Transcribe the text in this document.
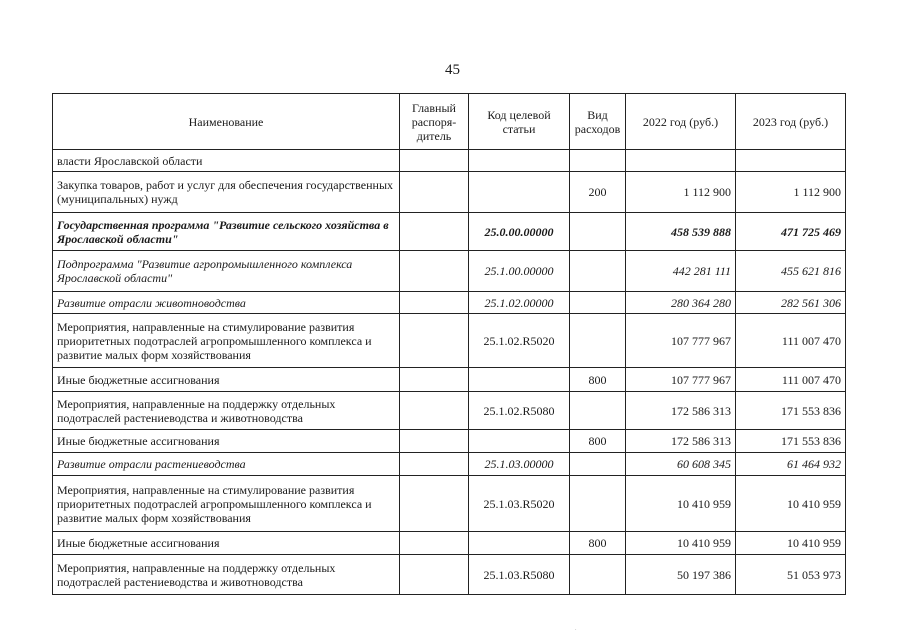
45
Наименование	Главный распоря-дитель	Код целевой статьи	Вид расходов	2022 год (руб.)	2023 год (руб.)
власти Ярославской области					
Закупка товаров, работ и услуг для обеспечения государственных (муниципальных) нужд			200	1 112 900	1 112 900
Государственная программа "Развитие сельского хозяйства в Ярославской области"		25.0.00.00000		458 539 888	471 725 469
Подпрограмма "Развитие агропромышленного комплекса Ярославской области"		25.1.00.00000		442 281 111	455 621 816
Развитие отрасли животноводства		25.1.02.00000		280 364 280	282 561 306
Мероприятия, направленные на стимулирование развития приоритетных подотраслей агропромышленного комплекса и развитие малых форм хозяйствования		25.1.02.R5020		107 777 967	111 007 470
Иные бюджетные ассигнования			800	107 777 967	111 007 470
Мероприятия, направленные на поддержку отдельных подотраслей растениеводства и животноводства		25.1.02.R5080		172 586 313	171 553 836
Иные бюджетные ассигнования			800	172 586 313	171 553 836
Развитие отрасли растениеводства		25.1.03.00000		60 608 345	61 464 932
Мероприятия, направленные на стимулирование развития приоритетных подотраслей агропромышленного комплекса и развитие малых форм хозяйствования		25.1.03.R5020		10 410 959	10 410 959
Иные бюджетные ассигнования			800	10 410 959	10 410 959
Мероприятия, направленные на поддержку отдельных подотраслей растениеводства и животноводства		25.1.03.R5080		50 197 386	51 053 973
.
